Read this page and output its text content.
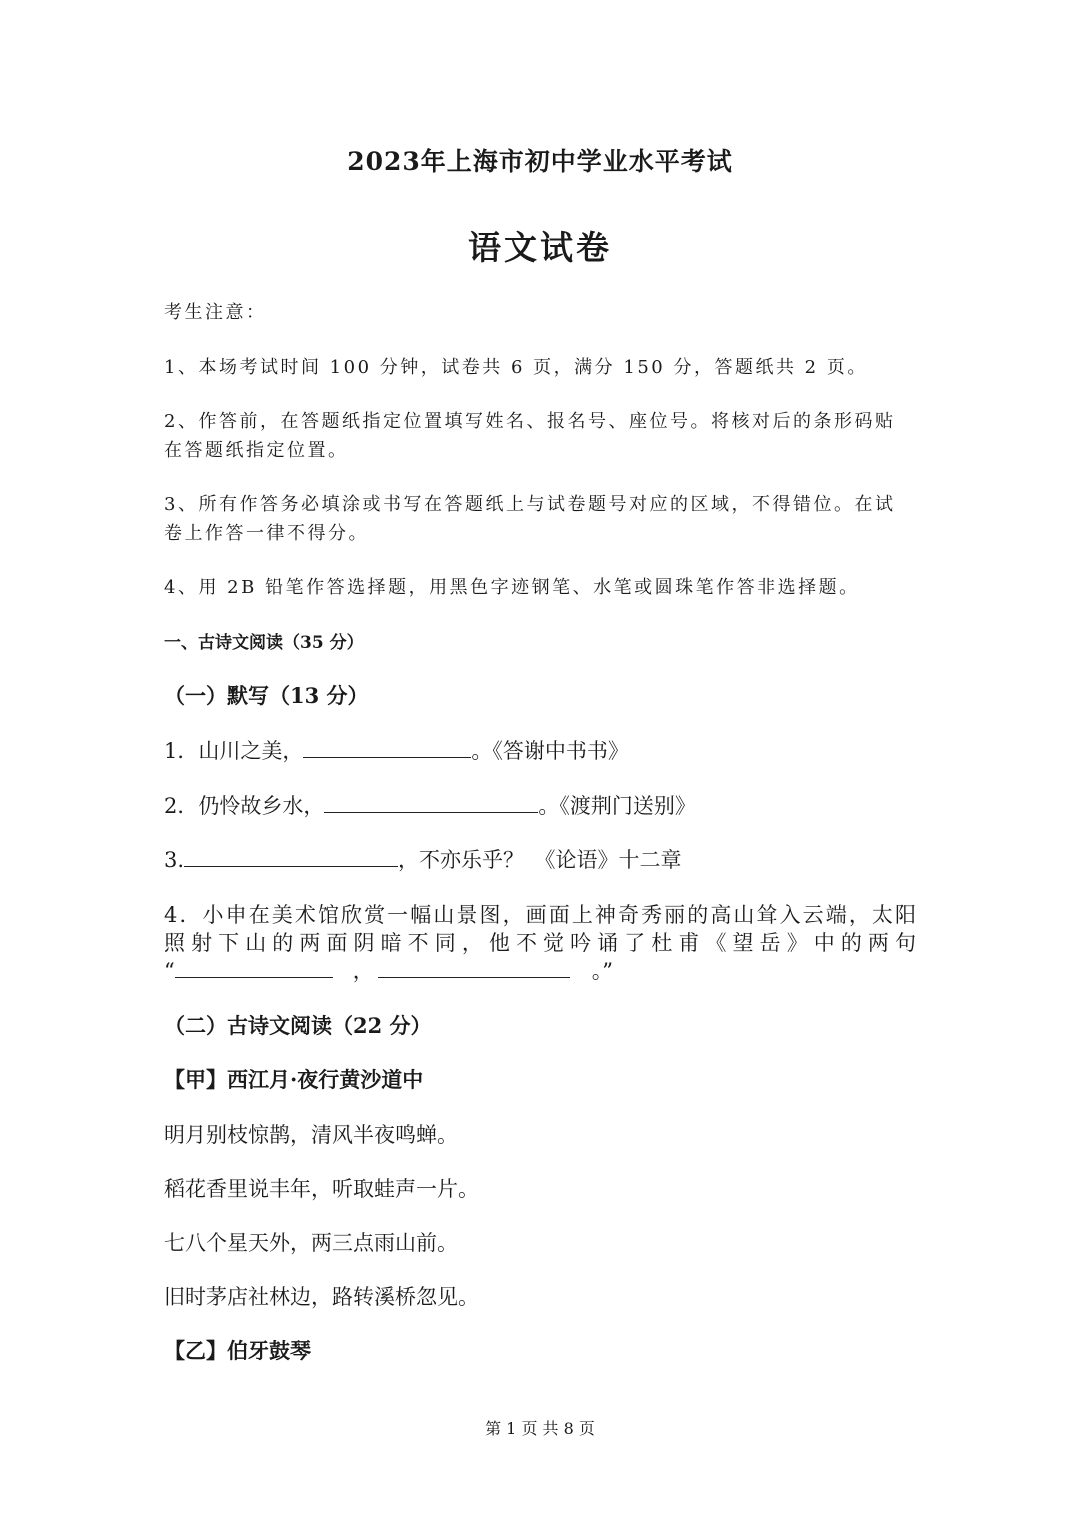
2023年上海市初中学业水平考试
语文试卷
考生注意：
1、本场考试时间 100 分钟，试卷共 6 页，满分 150 分，答题纸共 2 页。
2、作答前，在答题纸指定位置填写姓名、报名号、座位号。将核对后的条形码贴
在答题纸指定位置。
3、所有作答务必填涂或书写在答题纸上与试卷题号对应的区域，不得错位。在试
卷上作答一律不得分。
4、用 2B 铅笔作答选择题，用黑色字迹钢笔、水笔或圆珠笔作答非选择题。
一、古诗文阅读（35 分）
（一）默写（13 分）
1．山川之美，	。《答谢中书书》
2．仍怜故乡水，	。《渡荆门送别》
3.	，不亦乐乎？　《论语》十二章
4．小申在美术馆欣赏一幅山景图，画面上神奇秀丽的高山耸入云端，太阳
照射下山的两面阴暗不同，他不觉吟诵了杜甫《望岳》中的两句
“	，	。”
（二）古诗文阅读（22 分）
【甲】西江月·夜行黄沙道中
明月别枝惊鹊，清风半夜鸣蝉。
稻花香里说丰年，听取蛙声一片。
七八个星天外，两三点雨山前。
旧时茅店社林边，路转溪桥忽见。
【乙】伯牙鼓琴
第 1 页 共 8 页
